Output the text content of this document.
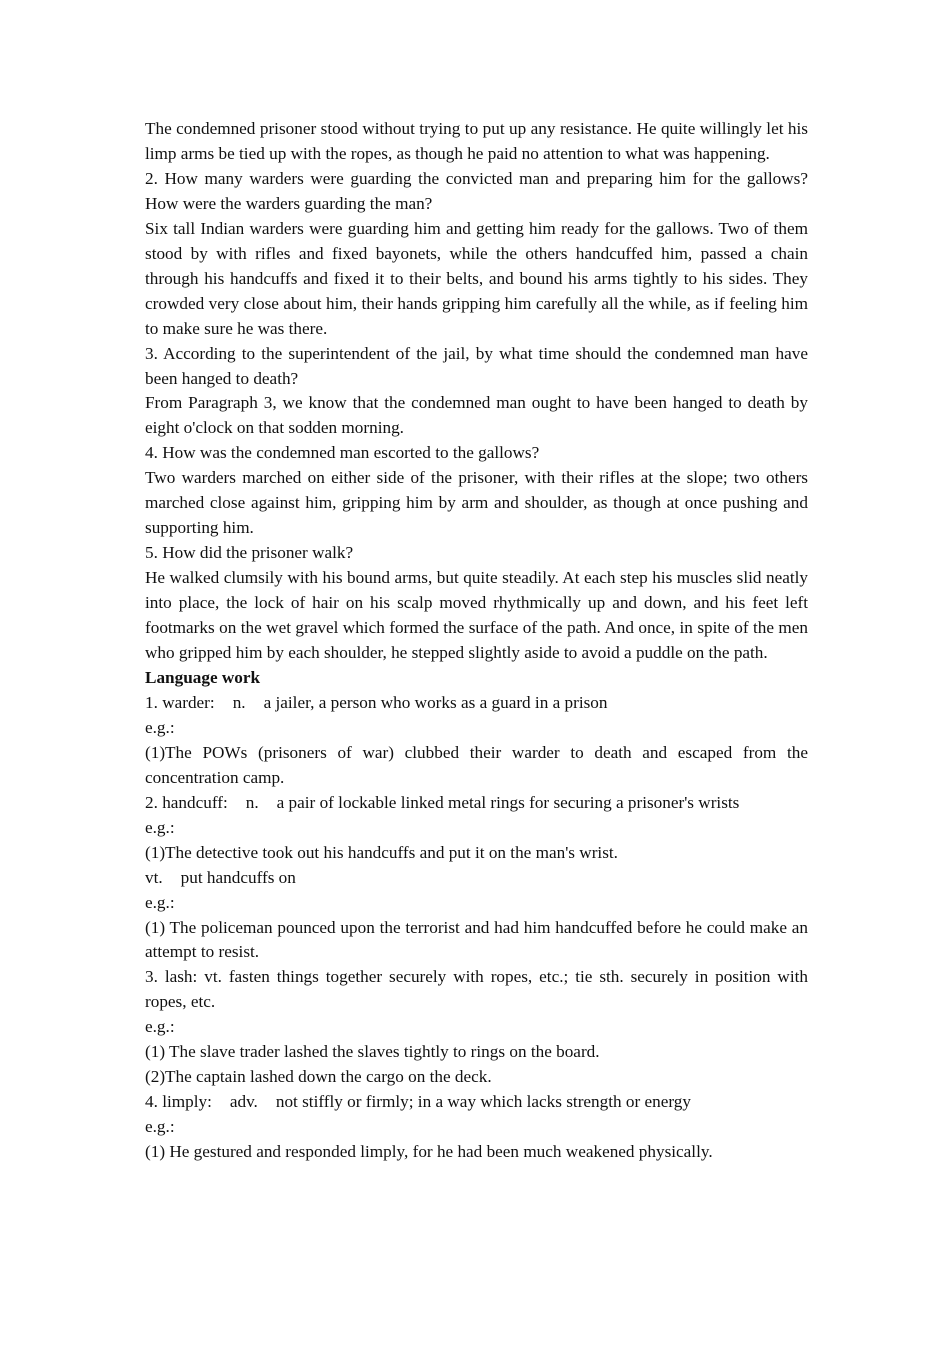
The condemned prisoner stood without trying to put up any resistance. He quite willingly let his limp arms be tied up with the ropes, as though he paid no attention to what was happening.

2. How many warders were guarding the convicted man and preparing him for the gallows? How were the warders guarding the man?

Six tall Indian warders were guarding him and getting him ready for the gallows. Two of them stood by with rifles and fixed bayonets, while the others handcuffed him, passed a chain through his handcuffs and fixed it to their belts, and bound his arms tightly to his sides. They crowded very close about him, their hands gripping him carefully all the while, as if feeling him to make sure he was there.

3. According to the superintendent of the jail, by what time should the condemned man have been hanged to death?

From Paragraph 3, we know that the condemned man ought to have been hanged to death by eight o'clock on that sodden morning.

4. How was the condemned man escorted to the gallows?

Two warders marched on either side of the prisoner, with their rifles at the slope; two others marched close against him, gripping him by arm and shoulder, as though at once pushing and supporting him.

5. How did the prisoner walk?

He walked clumsily with his bound arms, but quite steadily. At each step his muscles slid neatly into place, the lock of hair on his scalp moved rhythmically up and down, and his feet left footmarks on the wet gravel which formed the surface of the path. And once, in spite of the men who gripped him by each shoulder, he stepped slightly aside to avoid a puddle on the path.

Language work

1. warder: n. a jailer, a person who works as a guard in a prison

e.g.:

(1)The POWs (prisoners of war) clubbed their warder to death and escaped from the concentration camp.

2. handcuff: n. a pair of lockable linked metal rings for securing a prisoner's wrists

e.g.:

(1)The detective took out his handcuffs and put it on the man's wrist.

vt. put handcuffs on

e.g.:

(1) The policeman pounced upon the terrorist and had him handcuffed before he could make an attempt to resist.

3. lash: vt. fasten things together securely with ropes, etc.; tie sth. securely in position with ropes, etc.

e.g.:

(1) The slave trader lashed the slaves tightly to rings on the board.

(2)The captain lashed down the cargo on the deck.

4. limply: adv. not stiffly or firmly; in a way which lacks strength or energy

e.g.:

(1) He gestured and responded limply, for he had been much weakened physically.
